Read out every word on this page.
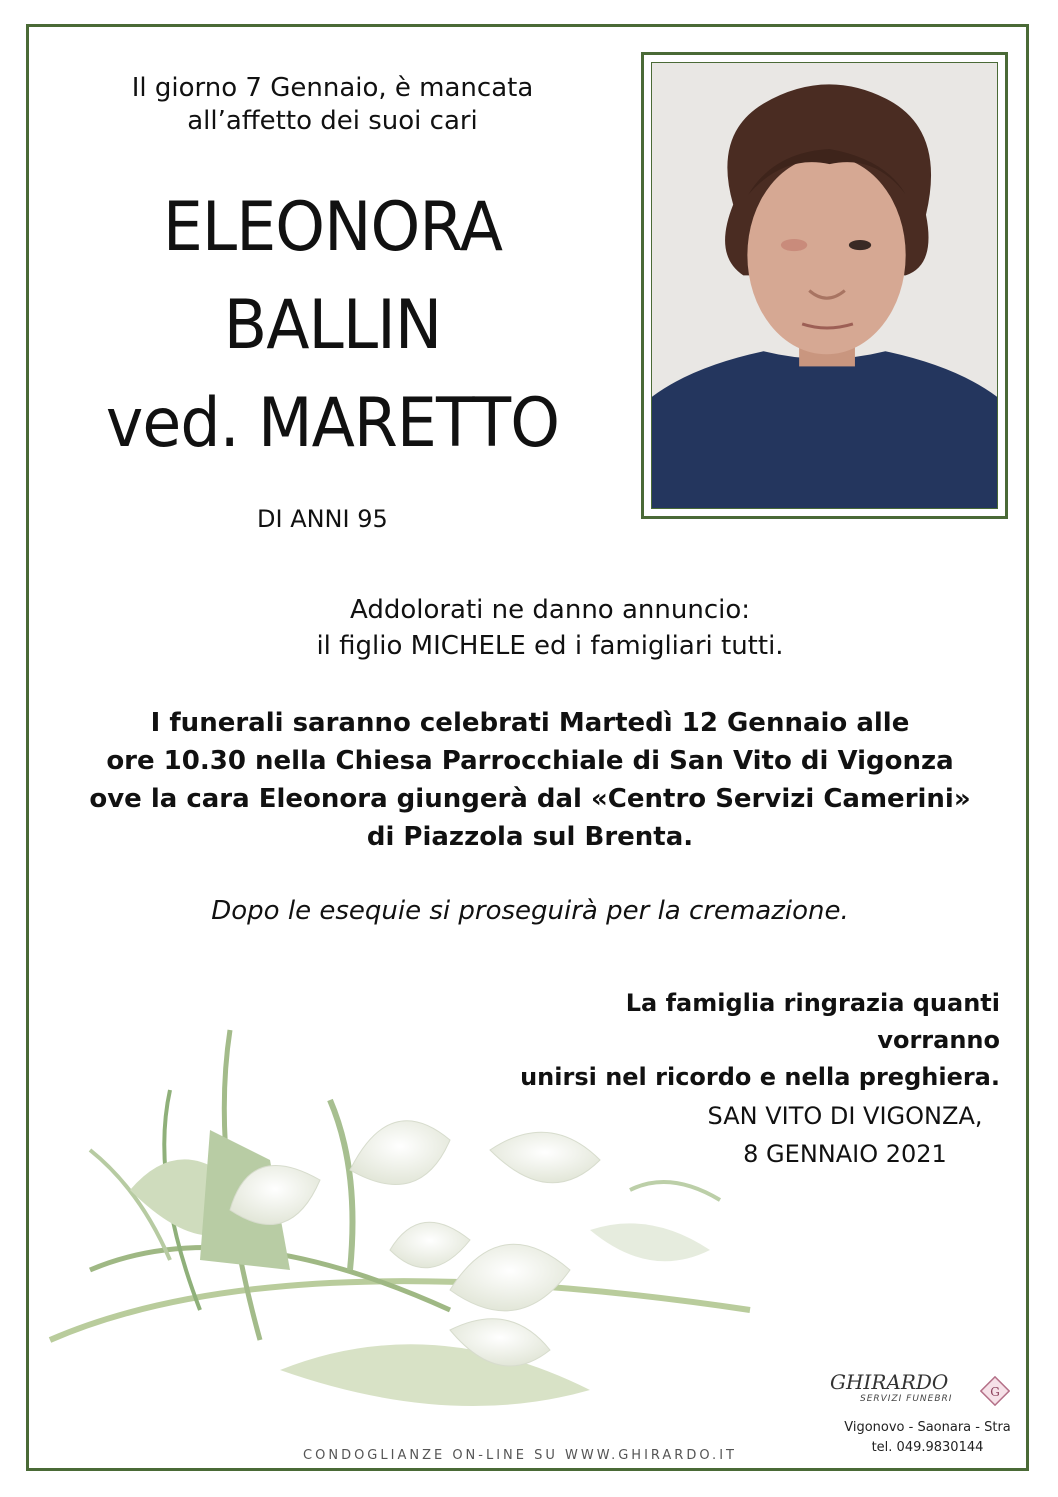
Il giorno 7 Gennaio, è mancata
all’affetto dei suoi cari
ELEONORA
BALLIN
ved. MARETTO
DI ANNI 95
Addolorati ne danno annuncio:
il figlio MICHELE ed i famigliari tutti.
I funerali saranno celebrati Martedì 12 Gennaio alle
ore 10.30 nella Chiesa Parrocchiale di San Vito di Vigonza
ove la cara Eleonora giungerà dal «Centro Servizi Camerini»
di Piazzola sul Brenta.
Dopo le esequie si proseguirà per la cremazione.
La famiglia ringrazia quanti vorranno
unirsi nel ricordo e nella preghiera.
SAN VITO DI VIGONZA,
8 GENNAIO 2021
CONDOGLIANZE ON-LINE SU WWW.GHIRARDO.IT
GHIRARDO
SERVIZI FUNEBRI	G
Vigonovo - Saonara - Stra
tel. 049.9830144
